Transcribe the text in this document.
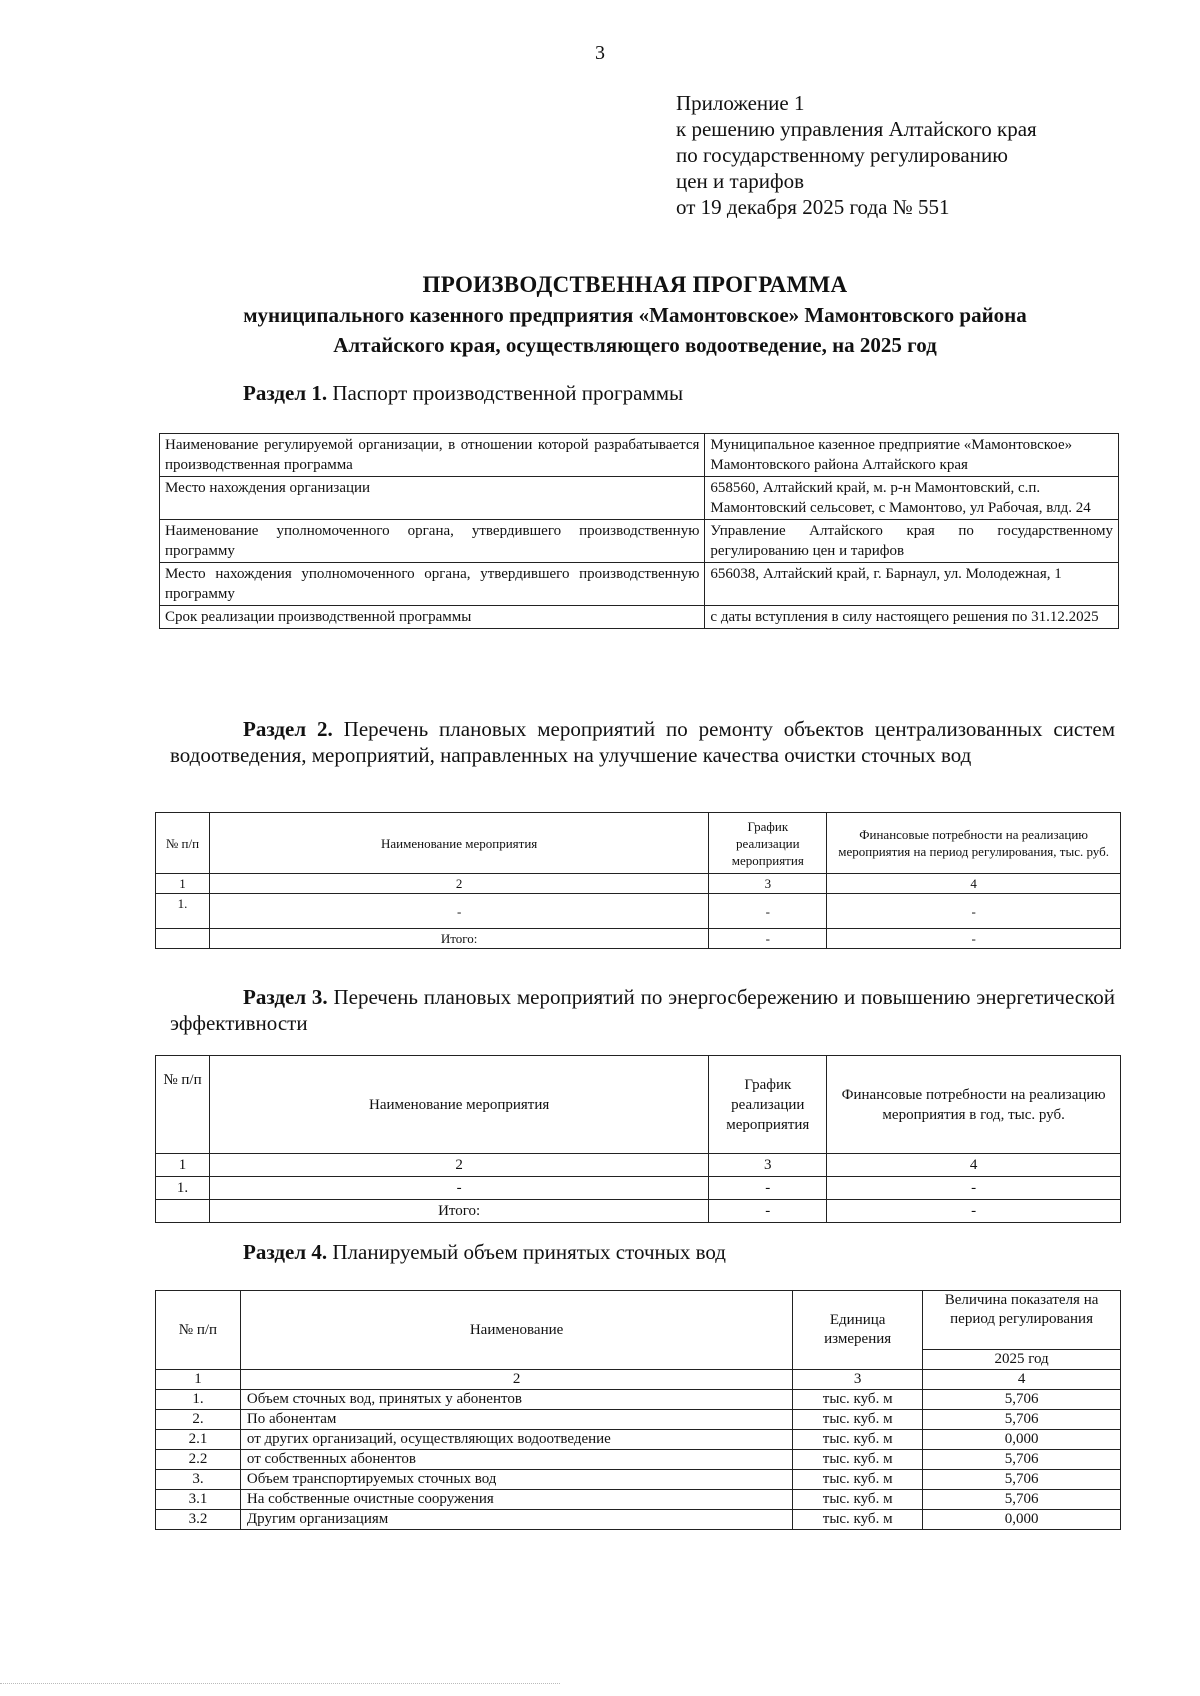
3
Приложение 1
к решению управления Алтайского края
по государственному регулированию
цен и тарифов
от 19 декабря 2025 года № 551
ПРОИЗВОДСТВЕННАЯ ПРОГРАММА
муниципального казенного предприятия «Мамонтовское» Мамонтовского района
Алтайского края, осуществляющего водоотведение, на 2025 год
Раздел 1. Паспорт производственной программы
Наименование регулируемой организации, в отношении которой разрабатывается производственная программа	Муниципальное казенное предприятие «Мамонтовское» Мамонтовского района Алтайского края
Место нахождения организации	658560, Алтайский край, м. р-н Мамонтовский, с.п. Мамонтовский сельсовет, с Мамонтово, ул Рабочая, влд. 24
Наименование уполномоченного органа, утвердившего производственную программу	Управление Алтайского края по государственному регулированию цен и тарифов
Место нахождения уполномоченного органа, утвердившего производственную программу	656038, Алтайский край, г. Барнаул, ул. Молодежная, 1
Срок реализации производственной программы	с даты вступления в силу настоящего решения по 31.12.2025
Раздел 2. Перечень плановых мероприятий по ремонту объектов централизованных систем водоотведения, мероприятий, направленных на улучшение качества очистки сточных вод
№ п/п	Наименование мероприятия	График реализации мероприятия	Финансовые потребности на реализацию мероприятия на период регулирования, тыс. руб.
1	2	3	4
1.	-	-	-
	Итого:	-	-
Раздел 3. Перечень плановых мероприятий по энергосбережению и повышению энергетической эффективности
№ п/п	Наименование мероприятия	График реализации мероприятия	Финансовые потребности на реализацию мероприятия в год, тыс. руб.
1	2	3	4
1.	-	-	-
	Итого:	-	-
Раздел 4. Планируемый объем принятых сточных вод
№ п/п	Наименование	Единица измерения	Величина показателя на период регулирования
			2025 год
1	2	3	4
1.	Объем сточных вод, принятых у абонентов	тыс. куб. м	5,706
2.	По абонентам	тыс. куб. м	5,706
2.1	от других организаций, осуществляющих водоотведение	тыс. куб. м	0,000
2.2	от собственных абонентов	тыс. куб. м	5,706
3.	Объем транспортируемых сточных вод	тыс. куб. м	5,706
3.1	На собственные очистные сооружения	тыс. куб. м	5,706
3.2	Другим организациям	тыс. куб. м	0,000
